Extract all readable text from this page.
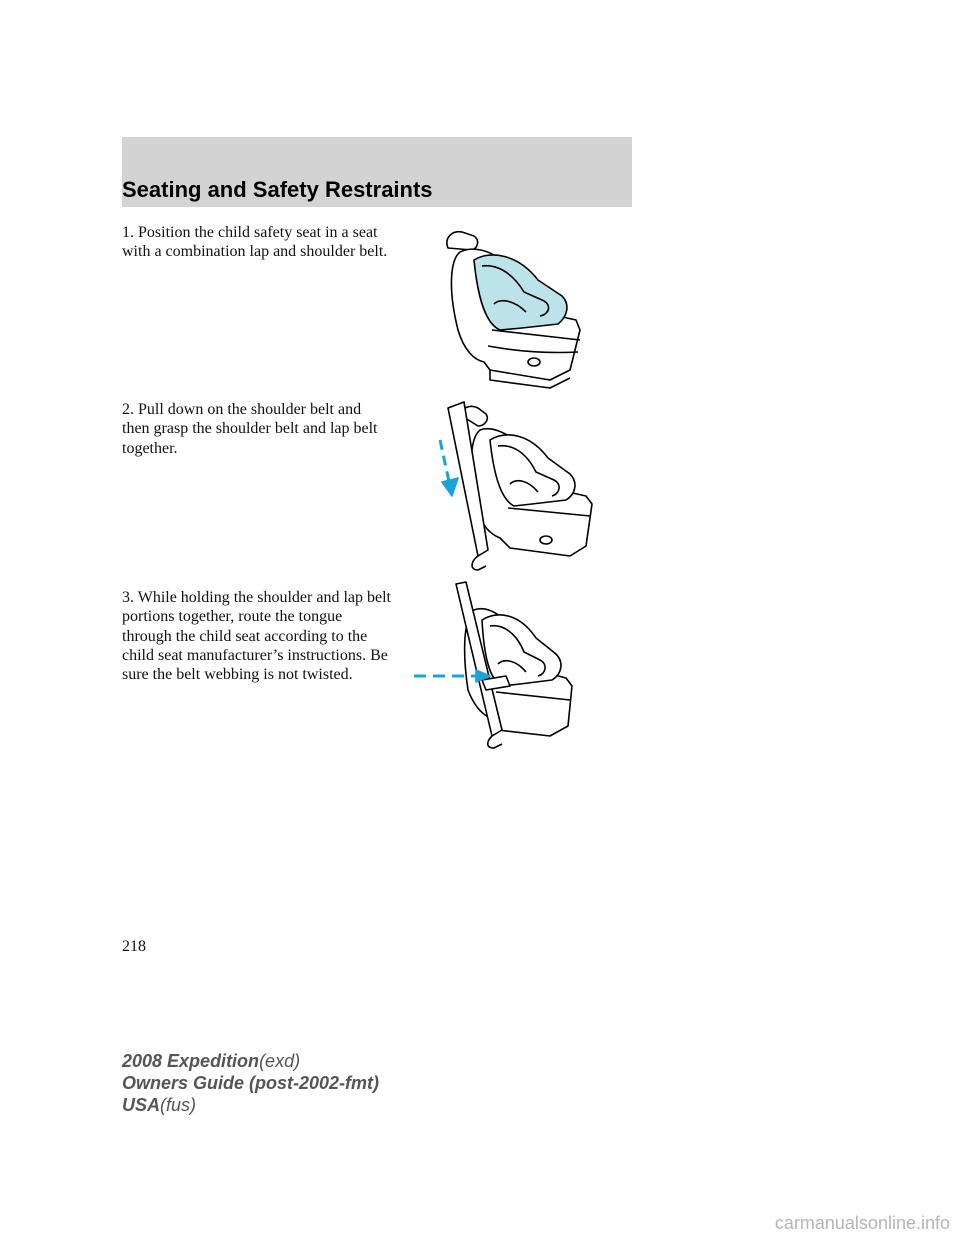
Seating and Safety Restraints

1. Position the child safety seat in a seat with a combination lap and shoulder belt.

2. Pull down on the shoulder belt and then grasp the shoulder belt and lap belt together.

3. While holding the shoulder and lap belt portions together, route the tongue through the child seat according to the child seat manufacturer’s instructions. Be sure the belt webbing is not twisted.

218
2008 Expedition(exd)
Owners Guide (post-2002-fmt)
USA(fus)
carmanualsonline.info
